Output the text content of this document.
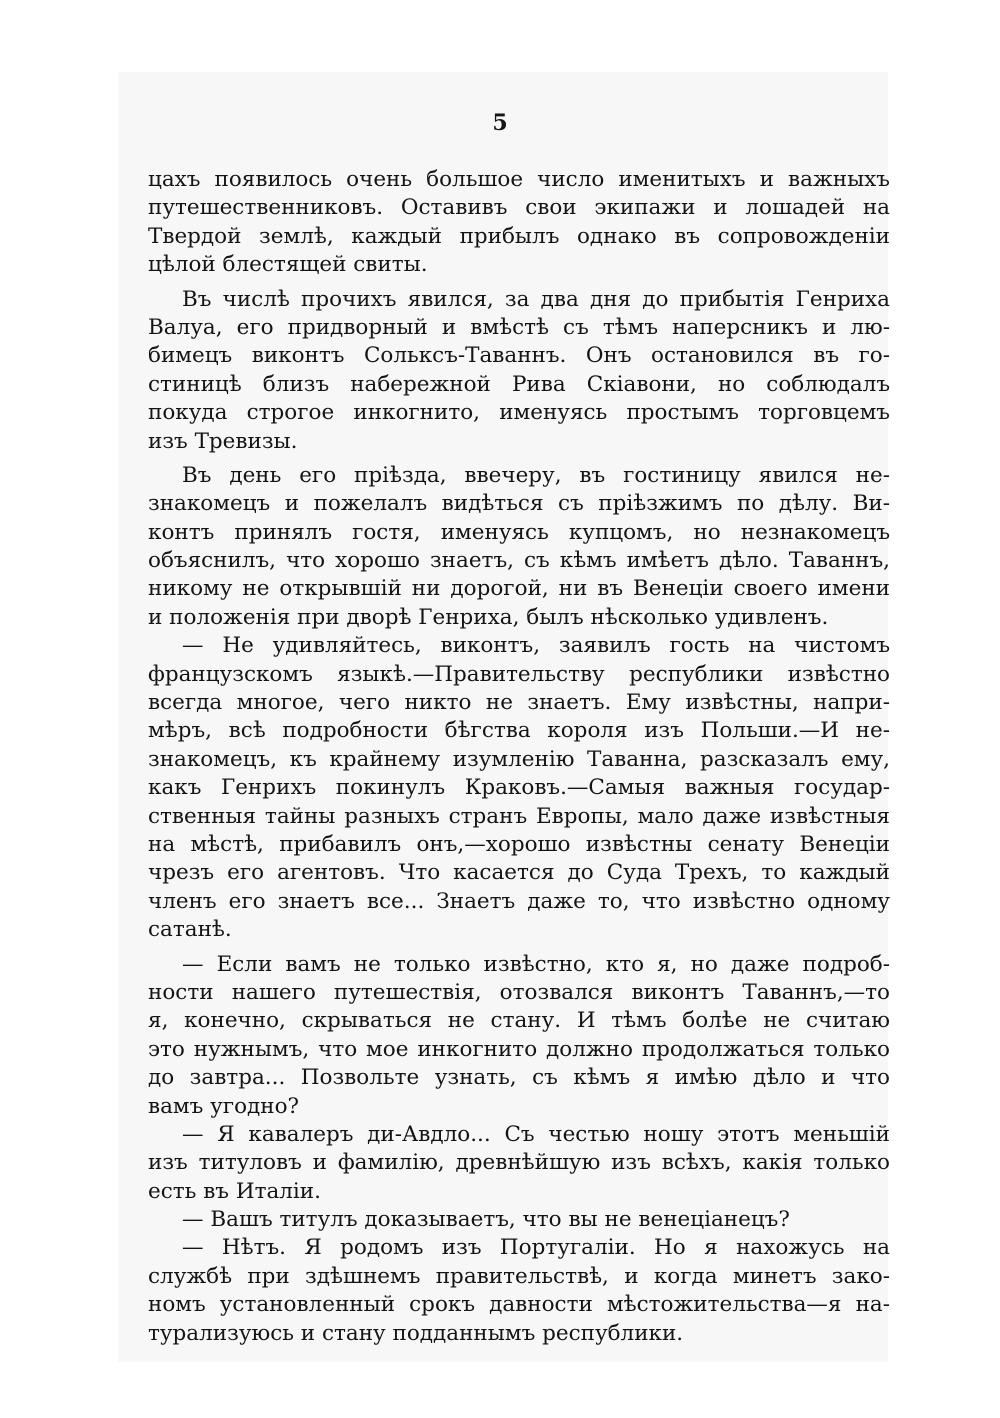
5
цахъ появилось очень большое число именитыхъ и важныхъ
путешественниковъ. Оставивъ свои экипажи и лошадей на
Твердой землѣ, каждый прибылъ однако въ сопровожденіи
цѣлой блестящей свиты.
Въ числѣ прочихъ явился, за два дня до прибытія Генриха
Валуа, его придворный и вмѣстѣ съ тѣмъ наперсникъ и лю-
бимецъ виконтъ Сольксъ-Таваннъ. Онъ остановился въ го-
стиницѣ близъ набережной Рива Скіавони, но соблюдалъ
покуда строгое инкогнито, именуясь простымъ торговцемъ
изъ Тревизы.
Въ день его пріѣзда, ввечеру, въ гостиницу явился не-
знакомецъ и пожелалъ видѣться съ пріѣзжимъ по дѣлу. Ви-
контъ принялъ гостя, именуясь купцомъ, но незнакомецъ
объяснилъ, что хорошо знаетъ, съ кѣмъ имѣетъ дѣло. Таваннъ,
никому не открывшій ни дорогой, ни въ Венеціи своего имени
и положенія при дворѣ Генриха, былъ нѣсколько удивленъ.
— Не удивляйтесь, виконтъ, заявилъ гость на чистомъ
французскомъ языкѣ.—Правительству республики извѣстно
всегда многое, чего никто не знаетъ. Ему извѣстны, напри-
мѣръ, всѣ подробности бѣгства короля изъ Польши.—И не-
знакомецъ, къ крайнему изумленію Таванна, разсказалъ ему,
какъ Генрихъ покинулъ Краковъ.—Самыя важныя государ-
ственныя тайны разныхъ странъ Европы, мало даже извѣстныя
на мѣстѣ, прибавилъ онъ,—хорошо извѣстны сенату Венеціи
чрезъ его агентовъ. Что касается до Суда Трехъ, то каждый
членъ его знаетъ все... Знаетъ даже то, что извѣстно одному
сатанѣ.
— Если вамъ не только извѣстно, кто я, но даже подроб-
ности нашего путешествія, отозвался виконтъ Таваннъ,—то
я, конечно, скрываться не стану. И тѣмъ болѣе не считаю
это нужнымъ, что мое инкогнито должно продолжаться только
до завтра... Позвольте узнать, съ кѣмъ я имѣю дѣло и что
вамъ угодно?
— Я кавалеръ ди-Авдло... Съ честью ношу этотъ меньшій
изъ титуловъ и фамилію, древнѣйшую изъ всѣхъ, какія только
есть въ Италіи.
— Вашъ титулъ доказываетъ, что вы не венеціанецъ?
— Нѣтъ. Я родомъ изъ Португаліи. Но я нахожусь на
службѣ при здѣшнемъ правительствѣ, и когда минетъ зако-
номъ установленный срокъ давности мѣстожительства—я на-
турализуюсь и стану подданнымъ республики.
